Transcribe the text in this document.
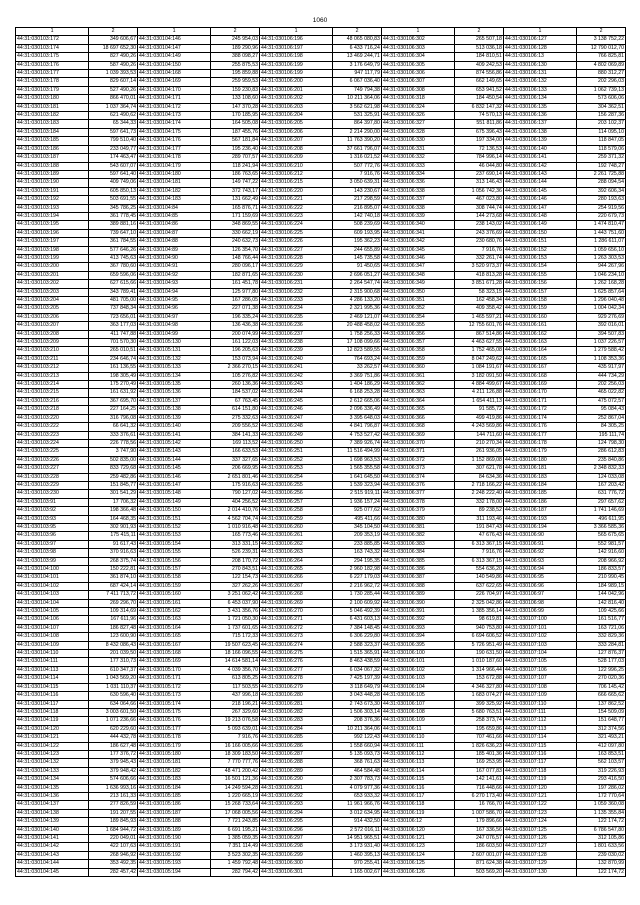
1060
1	2	1	2	1	2	1	2	1	2
44:31:030103:172	349 606,67	44:31:030104:146	245 954,03	44:31:030106:196	48 065 080,83	44:31:030106:302	265 507,18	44:31:030106:127	3 138 752,22
44:31:030103:174	18 697 652,30	44:31:030104:147	189 290,96	44:31:030106:197	6 433 716,24	44:31:030106:303	513 036,18	44:31:030106:128	12 790 012,70
44:31:030103:175	827 490,26	44:31:030104:149	388 098,27	44:31:030106:198	13 469 244,71	44:31:030106:304	184 810,51	44:31:030106:13	766 825,81
44:31:030103:176	587 490,26	44:31:030104:150	255 875,53	44:31:030106:199	3 176 649,79	44:31:030106:305	409 242,53	44:31:030106:130	4 802 069,89
44:31:030103:177	1 039 393,53	44:31:030104:168	195 859,88	44:31:030106:199	947 117,79	44:31:030106:306	874 556,86	44:31:030106:131	880 312,27
44:31:030103:178	829 607,14	44:31:030104:169	259 959,53	44:31:030106:200	6 067 036,40	44:31:030106:307	662 149,65	44:31:030106:132	202 296,03
44:31:030103:179	527 490,26	44:31:030104:170	159 230,83	44:31:030106:201	749 794,38	44:31:030106:308	653 941,52	44:31:030106:133	1 062 739,13
44:31:030103:180	866 470,01	44:31:030104:171	133 108,60	44:31:030106:202	10 211 364,06	44:31:030106:318	184 450,54	44:31:030106:134	573 606,06
44:31:030103:181	1 037 364,74	44:31:030104:172	147 370,28	44:31:030106:203	3 562 621,98	44:31:030106:324	6 832 147,32	44:31:030106:135	304 362,51
44:31:030103:182	621 490,62	44:31:030104:173	170 185,95	44:31:030106:204	531 325,91	44:31:030106:326	74 570,13	44:31:030106:136	156 287,36
44:31:030103:183	65 344,33	44:31:030104:174	164 505,08	44:31:030106:205	864 397,80	44:31:030106:327	551 811,86	44:31:030106:137	203 102,37
44:31:030103:184	597 641,73	44:31:030104:175	187 455,76	44:31:030106:206	2 214 290,00	44:31:030106:328	675 396,43	44:31:030106:138	114 095,10
44:31:030103:185	799 510,40	44:31:030104:176	567 181,84	44:31:030106:207	11 763 390,20	44:31:030106:330	197 334,00	44:31:030106:139	118 847,05
44:31:030103:186	233 049,77	44:31:030104:177	195 236,40	44:31:030106:208	37 661 796,07	44:31:030106:331	72 136,53	44:31:030106:140	118 579,06
44:31:030103:187	174 463,47	44:31:030104:178	289 707,57	44:31:030106:209	1 316 021,52	44:31:030106:332	784 996,14	44:31:030106:141	259 371,32
44:31:030103:188	543 607,07	44:31:030104:179	118 241,94	44:31:030106:210	507 772,76	44:31:030106:333	46 044,80	44:31:030106:142	192 748,27
44:31:030103:189	597 641,40	44:31:030104:180	186 763,65	44:31:030106:212	7 916,76	44:31:030106:334	237 690,14	44:31:030106:143	2 261 725,88
44:31:030103:190	409 749,06	44:31:030104:181	149 747,22	44:31:030106:215	3 050 639,31	44:31:030106:336	313 146,43	44:31:030106:144	288 094,54
44:31:030103:191	605 850,13	44:31:030104:182	372 743,17	44:31:030106:220	143 230,67	44:31:030106:338	1 056 742,36	44:31:030106:145	392 606,34
44:31:030103:192	503 691,55	44:31:030104:183	131 662,49	44:31:030106:221	217 298,59	44:31:030106:337	467 023,80	44:31:030106:146	280 193,63
44:31:030103:193	345 786,25	44:31:030104:84	165 876,71	44:31:030106:222	216 895,07	44:31:030106:338	308 744,74	44:31:030106:147	254 919,56
44:31:030103:194	361 778,45	44:31:030104:85	171 159,69	44:31:030106:223	142 740,18	44:31:030106:339	144 273,68	44:31:030106:148	220 679,73
44:31:030103:195	389 881,16	44:31:030104:86	348 869,55	44:31:030106:224	508 239,69	44:31:030106:340	238 143,02	44:31:030106:149	1 474 810,47
44:31:030103:196	739 647,10	44:31:030104:87	330 662,19	44:31:030106:225	609 193,95	44:31:030106:341	243 376,69	44:31:030106:150	1 443 751,60
44:31:030103:197	361 784,55	44:31:030104:88	240 632,73	44:31:030106:226	195 362,23	44:31:030106:342	230 680,76	44:31:030106:151	1 286 611,07
44:31:030103:198	577 646,26	44:31:030104:89	126 354,70	44:31:030106:227	244 655,89	44:31:030106:345	7 916,76	44:31:030106:152	1 059 656,10
44:31:030103:199	413 745,63	44:31:030104:90	148 766,44	44:31:030106:228	145 735,58	44:31:030106:346	332 261,74	44:31:030106:153	1 263 303,53
44:31:030103:200	367 780,60	44:31:030104:91	280 096,17	44:31:030106:229	91 450,65	44:31:030106:347	3 520 973,37	44:31:030106:154	944 267,96
44:31:030103:201	659 596,06	44:31:030104:92	182 871,65	44:31:030106:230	2 696 051,27	44:31:030106:348	418 813,28	44:31:030106:155	1 046 234,10
44:31:030103:202	627 615,66	44:31:030104:93	161 451,78	44:31:030106:231	2 264 547,74	44:31:030106:349	3 851 671,28	44:31:030106:156	1 262 168,28
44:31:030103:203	343 789,41	44:31:030104:94	125 977,80	44:31:030106:232	2 315 900,68	44:31:030106:350	58 323,15	44:31:030106:157	1 625 857,64
44:31:030103:204	481 705,00	44:31:030104:95	167 286,05	44:31:030106:233	4 286 133,20	44:31:030106:351	162 458,34	44:31:030106:158	1 296 040,48
44:31:030103:205	737 848,34	44:31:030104:96	227 071,38	44:31:030106:234	2 321 995,36	44:31:030106:352	409 358,42	44:31:030106:159	1 004 042,34
44:31:030103:206	723 656,01	44:31:030104:97	196 335,24	44:31:030106:235	2 469 121,07	44:31:030106:354	1 465 597,21	44:31:030106:160	929 276,69
44:31:030103:207	363 177,03	44:31:030104:98	136 436,38	44:31:030106:236	20 488 458,02	44:31:030106:355	12 755 601,76	44:31:030106:161	392 016,01
44:31:030103:208	411 747,88	44:31:030104:99	200 074,99	44:31:030106:237	1 758 256,33	44:31:030106:356	867 514,86	44:31:030106:162	394 507,83
44:31:030103:209	701 570,30	44:31:030105:130	161 122,03	44:31:030106:238	17 108 099,66	44:31:030106:357	4 463 627,55	44:31:030106:163	1 037 226,57
44:31:030103:210	265 010,51	44:31:030105:131	196 205,63	44:31:030106:239	12 823 589,55	44:31:030106:358	1 752 465,08	44:31:030106:164	1 279 588,42
44:31:030103:211	234 646,74	44:31:030105:132	153 073,94	44:31:030106:240	764 693,24	44:31:030106:359	8 047 249,62	44:31:030106:165	1 108 353,36
44:31:030103:212	161 136,55	44:31:030105:133	2 366 270,15	44:31:030106:241	33 262,57	44:31:030106:360	1 084 191,67	44:31:030106:167	435 917,97
44:31:030103:213	198 305,49	44:31:030105:134	105 276,82	44:31:030106:242	3 369 751,86	44:31:030106:361	3 182 091,50	44:31:030106:168	444 734,29
44:31:030103:214	175 270,49	44:31:030105:135	260 136,36	44:31:030106:243	1 404 186,29	44:31:030106:362	4 884 499,67	44:31:030106:169	202 256,03
44:31:030103:215	161 631,92	44:31:030105:136	184 537,02	44:31:030106:244	6 168 253,28	44:31:030106:363	4 211 126,88	44:31:030106:170	465 022,82
44:31:030103:216	367 695,70	44:31:030105:137	67 763,45	44:31:030106:245	2 612 665,06	44:31:030106:364	1 654 411,13	44:31:030106:171	475 072,57
44:31:030103:218	227 164,25	44:31:030105:138	614 151,80	44:31:030106:246	2 096 336,49	44:31:030106:365	91 585,72	44:31:030106:172	95 084,43
44:31:030103:220	316 796,08	44:31:030105:139	275 332,63	44:31:030106:247	3 395 648,03	44:31:030106:366	499 419,86	44:31:030106:174	252 867,04
44:31:030103:222	66 641,32	44:31:030105:140	209 556,52	44:31:030106:248	4 841 796,87	44:31:030106:368	4 243 569,86	44:31:030106:176	84 305,25
44:31:030103:223	333 376,61	44:31:030105:141	384 141,33	44:31:030106:249	4 753 527,42	44:31:030106:369	144 711,60	44:31:030106:177	195 111,74
44:31:030103:224	226 778,56	44:31:030105:142	169 113,52	44:31:030106:250	7 389 926,74	44:31:030106:370	210 270,34	44:31:030106:178	124 798,30
44:31:030103:225	3 747,90	44:31:030105:143	166 633,53	44:31:030106:251	11 516 494,99	44:31:030106:371	261 936,05	44:31:030106:179	286 612,83
44:31:030103:226	502 835,00	44:31:030105:144	337 327,65	44:31:030106:252	1 698 963,53	44:31:030106:372	1 152 869,08	44:31:030106:180	235 840,86
44:31:030103:227	833 729,68	44:31:030105:145	206 669,95	44:31:030106:253	1 565 355,58	44:31:030106:373	307 621,78	44:31:030106:181	2 348 832,33
44:31:030103:228	259 482,86	44:31:030105:146	2 651 801,46	44:31:030106:254	1 641 645,50	44:31:030106:374	84 634,36	44:31:030106:183	124 033,08
44:31:030103:229	151 845,77	44:31:030105:147	175 916,63	44:31:030106:255	1 539 323,94	44:31:030106:376	2 718 166,22	44:31:030106:184	167 203,42
44:31:030103:230	301 541,29	44:31:030105:148	790 127,02	44:31:030106:256	2 515 919,11	44:31:030106:377	2 248 222,40	44:31:030106:185	631 776,72
44:31:030103:91	17 706,32	44:31:030105:149	404 256,52	44:31:030106:257	1 936 157,24	44:31:030106:378	332 178,00	44:31:030106:186	297 657,62
44:31:030103:92	198 366,48	44:31:030105:150	2 014 410,76	44:31:030106:258	925 077,62	44:31:030106:379	89 238,52	44:31:030106:187	1 741 146,69
44:31:030103:93	164 468,35	44:31:030105:151	4 562 704,74	44:31:030106:259	495 411,66	44:31:030106:380	311 193,46	44:31:030106:193	496 611,95
44:31:030103:95	302 901,93	44:31:030105:152	1 010 916,48	44:31:030106:260	345 104,50	44:31:030106:381	191 847,43	44:31:030106:194	3 366 585,36
44:31:030103:96	175 415,11	44:31:030105:153	165 773,46	44:31:030106:261	209 353,19	44:31:030106:382	47 676,43	44:31:030106:90	565 675,65
44:31:030103:97	91 617,43	44:31:030105:154	313 331,15	44:31:030106:262	233 885,85	44:31:030106:383	6 313 367,15	44:31:030106:91	552 981,57
44:31:030103:98	370 916,63	44:31:030105:155	526 239,31	44:31:030106:263	163 743,32	44:31:030106:384	7 916,76	44:31:030106:92	142 916,60
44:31:030103:99	268 375,74	44:31:030105:156	208 170,72	44:31:030106:264	294 195,35	44:31:030106:385	6 313 367,15	44:31:030106:93	208 966,92
44:31:030104:100	150 222,81	44:31:030105:157	270 843,51	44:31:030106:265	2 960 182,98	44:31:030106:386	554 636,20	44:31:030106:94	186 833,57
44:31:030104:101	361 874,10	44:31:030105:158	122 154,73	44:31:030106:266	6 227 179,03	44:31:030106:387	140 549,86	44:31:030106:95	210 990,45
44:31:030104:102	687 424,14	44:31:030105:159	327 262,26	44:31:030106:267	2 216 962,72	44:31:030106:388	637 622,65	44:31:030106:96	184 989,15
44:31:030104:103	7 411 713,72	44:31:030105:160	3 251 062,42	44:31:030106:268	1 730 285,44	44:31:030106:389	226 704,97	44:31:030106:97	144 042,96
44:31:030104:104	269 296,70	44:31:030105:161	6 453 037,90	44:31:030106:269	2 100 609,92	44:31:030106:390	2 325 042,86	44:31:030106:98	142 816,40
44:31:030104:105	109 314,69	44:31:030105:162	3 431 356,76	44:31:030106:270	5 046 492,39	44:31:030106:391	1 385 356,14	44:31:030106:99	109 425,66
44:31:030104:106	167 611,96	44:31:030105:163	1 721 050,30	44:31:030106:271	6 431 603,13	44:31:030106:392	98 619,81	44:31:030107:100	161 516,77
44:31:030104:107	186 827,48	44:31:030105:164	1 737 601,65	44:31:030106:272	7 384 148,45	44:31:030106:393	940 753,80	44:31:030107:101	163 721,06
44:31:030104:108	123 600,90	44:31:030105:165	715 172,33	44:31:030106:273	6 306 229,80	44:31:030106:394	6 694 606,52	44:31:030107:102	332 829,36
44:31:030104:109	8 432 086,43	44:31:030105:167	19 507 623,45	44:31:030106:274	2 588 323,37	44:31:030106:395	5 726 951,49	44:31:030107:103	333 284,81
44:31:030104:110	201 039,50	44:31:030105:168	18 166 096,55	44:31:030106:275	1 515 365,91	44:31:030106:100	190 631,50	44:31:030107:104	127 876,37
44:31:030104:111	177 310,73	44:31:030105:169	14 614 581,14	44:31:030106:276	8 463 438,59	44:31:030106:101	1 010 187,60	44:31:030107:105	528 177,03
44:31:030104:113	610 347,37	44:31:030105:170	4 039 356,70	44:31:030106:277	6 034 067,32	44:31:030106:102	1 314 966,44	44:31:030107:106	122 996,25
44:31:030104:114	1 043 569,20	44:31:030105:171	613 805,25	44:31:030106:278	7 425 197,39	44:31:030106:103	153 672,88	44:31:030107:107	270 020,36
44:31:030104:115	1 031 110,37	44:31:030105:172	117 503,55	44:31:030106:279	3 118 649,79	44:31:030106:104	4 346 327,80	44:31:030107:108	706 145,42
44:31:030104:116	630 596,40	44:31:030105:173	437 996,18	44:31:030106:280	3 043 448,28	44:31:030106:105	1 683 074,27	44:31:030107:109	666 665,62
44:31:030104:117	634 064,66	44:31:030105:174	218 196,21	44:31:030106:281	2 743 673,30	44:31:030106:107	399 325,92	44:31:030107:110	137 862,52
44:31:030104:118	3 003 601,50	44:31:030105:175	267 329,60	44:31:030106:282	1 506 303,14	44:31:030106:108	5 680 763,51	44:31:030107:111	154 509,09
44:31:030104:119	1 071 236,66	44:31:030105:176	19 213 076,58	44:31:030106:283	208 376,36	44:31:030106:109	258 373,74	44:31:030107:112	151 648,77
44:31:030104:120	620 229,60	44:31:030105:177	5 093 639,01	44:31:030106:284	10 211 364,06	44:31:030106:11	195 659,86	44:31:030107:113	312 374,56
44:31:030104:121	444 432,78	44:31:030105:178	7 916,76	44:31:030106:285	992 122,43	44:31:030106:110	707 461,66	44:31:030107:114	321 493,21
44:31:030104:122	186 627,48	44:31:030105:179	16 166 005,66	44:31:030106:286	1 558 660,94	44:31:030106:111	1 826 636,23	44:31:030107:115	412 097,80
44:31:030104:123	177 376,72	44:31:030105:180	18 309 183,50	44:31:030106:287	5 135 093,73	44:31:030106:112	185 401,36	44:31:030107:116	163 853,51
44:31:030104:132	379 945,43	44:31:030105:181	7 770 777,76	44:31:030106:288	368 761,63	44:31:030106:113	169 253,95	44:31:030107:117	562 103,57
44:31:030104:133	379 948,42	44:31:030105:182	48 471 200,42	44:31:030106:289	464 584,48	44:31:030106:114	167 077,83	44:31:030107:118	319 226,93
44:31:030104:134	574 606,66	44:31:030105:183	16 501 121,36	44:31:030106:290	2 307 783,73	44:31:030106:115	142 141,61	44:31:030107:119	293 416,50
44:31:030104:135	1 636 993,16	44:31:030105:184	14 249 594,28	44:31:030106:291	4 079 977,36	44:31:030106:116	716 448,66	44:31:030107:120	197 286,02
44:31:030104:136	213 161,33	44:31:030105:185	1 220 665,19	44:31:030106:292	653 933,32	44:31:030106:117	6 270 173,40	44:31:030107:121	172 770,64
44:31:030104:137	277 826,59	44:31:030105:186	15 268 733,64	44:31:030106:293	11 961 966,76	44:31:030106:118	16 766,70	44:31:030107:122	1 059 360,08
44:31:030104:138	191 207,55	44:31:030105:187	17 068 005,56	44:31:030106:294	3 012 634,95	44:31:030106:119	1 007 586,70	44:31:030107:123	1 135 355,84
44:31:030104:139	189 845,93	44:31:030105:188	7 721 243,85	44:31:030106:295	914 432,50	44:31:030106:12	179 896,66	44:31:030107:124	122 174,72
44:31:030104:140	1 684 944,72	44:31:030105:189	6 691 195,21	44:31:030106:296	2 572 016,11	44:31:030106:120	167 336,56	44:31:030107:125	6 786 547,80
44:31:030104:141	220 049,01	44:31:030105:190	1 385 059,35	44:31:030106:297	14 951 965,51	44:31:030106:121	247 076,57	44:31:030107:126	312 105,86
44:31:030104:142	422 107,63	44:31:030105:191	7 351 114,49	44:31:030106:298	3 173 931,40	44:31:030106:123	186 603,50	44:31:030107:127	1 801 633,56
44:31:030104:143	268 946,92	44:31:030105:192	3 523 302,35	44:31:030106:299	1 460 395,13	44:31:030106:124	2 607 001,07	44:31:030107:128	239 030,02
44:31:030104:144	353 492,35	44:31:030105:193	1 459 792,48	44:31:030106:300	970 255,41	44:31:030106:125	871 624,38	44:31:030107:129	132 870,99
44:31:030104:145	282 457,42	44:31:030105:194	282 794,42	44:31:030106:301	1 165 002,67	44:31:030106:126	503 569,20	44:31:030107:130	122 174,72
